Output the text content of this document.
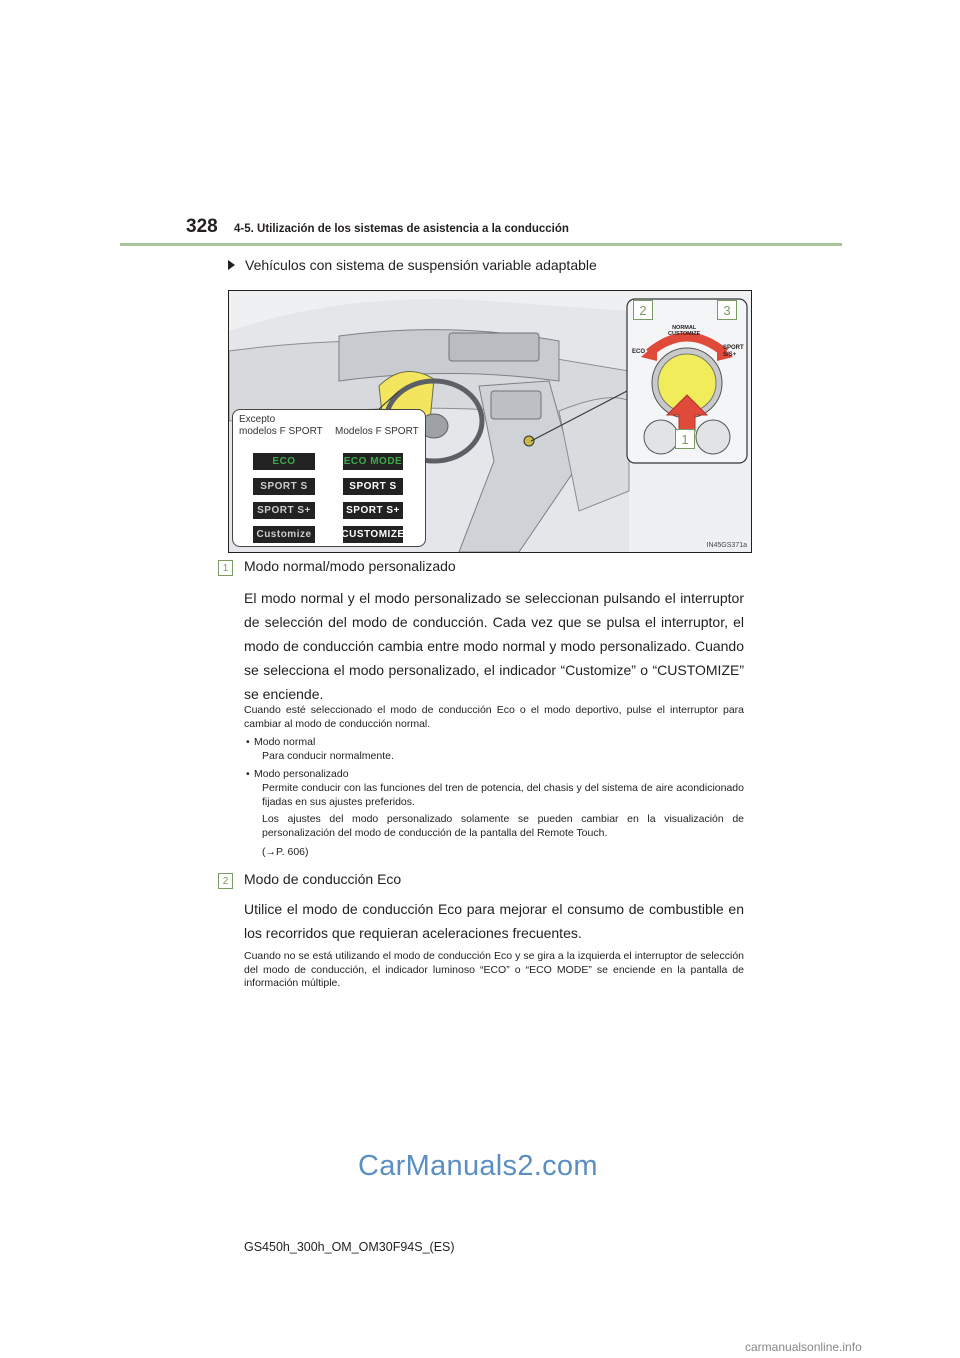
328 4-5. Utilización de los sistemas de asistencia a la conducción
Vehículos con sistema de suspensión variable adaptable
NORMAL
CUSTOMIZE
ECO
SPORT
S/S+
2	3
1
Excepto
modelos F SPORT Modelos F SPORT
ECO
SPORT S
SPORT S+
Customize
ECO MODE
SPORT S
SPORT S+
CUSTOMIZE
IN45GS371a
1	Modo normal/modo personalizado
El modo normal y el modo personalizado se seleccionan pulsando el interruptor de selección del modo de conducción. Cada vez que se pulsa el interruptor, el modo de conducción cambia entre modo normal y modo personalizado. Cuando se selecciona el modo personalizado, el indicador “Customize” o “CUSTOMIZE” se enciende.
Cuando esté seleccionado el modo de conducción Eco o el modo deportivo, pulse el interruptor para cambiar al modo de conducción normal.
• Modo normal
Para conducir normalmente.
• Modo personalizado
Permite conducir con las funciones del tren de potencia, del chasis y del sistema de aire acondicionado fijadas en sus ajustes preferidos.
Los ajustes del modo personalizado solamente se pueden cambiar en la visualización de personalización del modo de conducción de la pantalla del Remote Touch.
(→P. 606)
2	Modo de conducción Eco
Utilice el modo de conducción Eco para mejorar el consumo de combustible en los recorridos que requieran aceleraciones frecuentes.
Cuando no se está utilizando el modo de conducción Eco y se gira a la izquierda el interruptor de selección del modo de conducción, el indicador luminoso “ECO” o “ECO MODE” se enciende en la pantalla de información múltiple.
CarManuals2.com
GS450h_300h_OM_OM30F94S_(ES)
carmanualsonline.info
